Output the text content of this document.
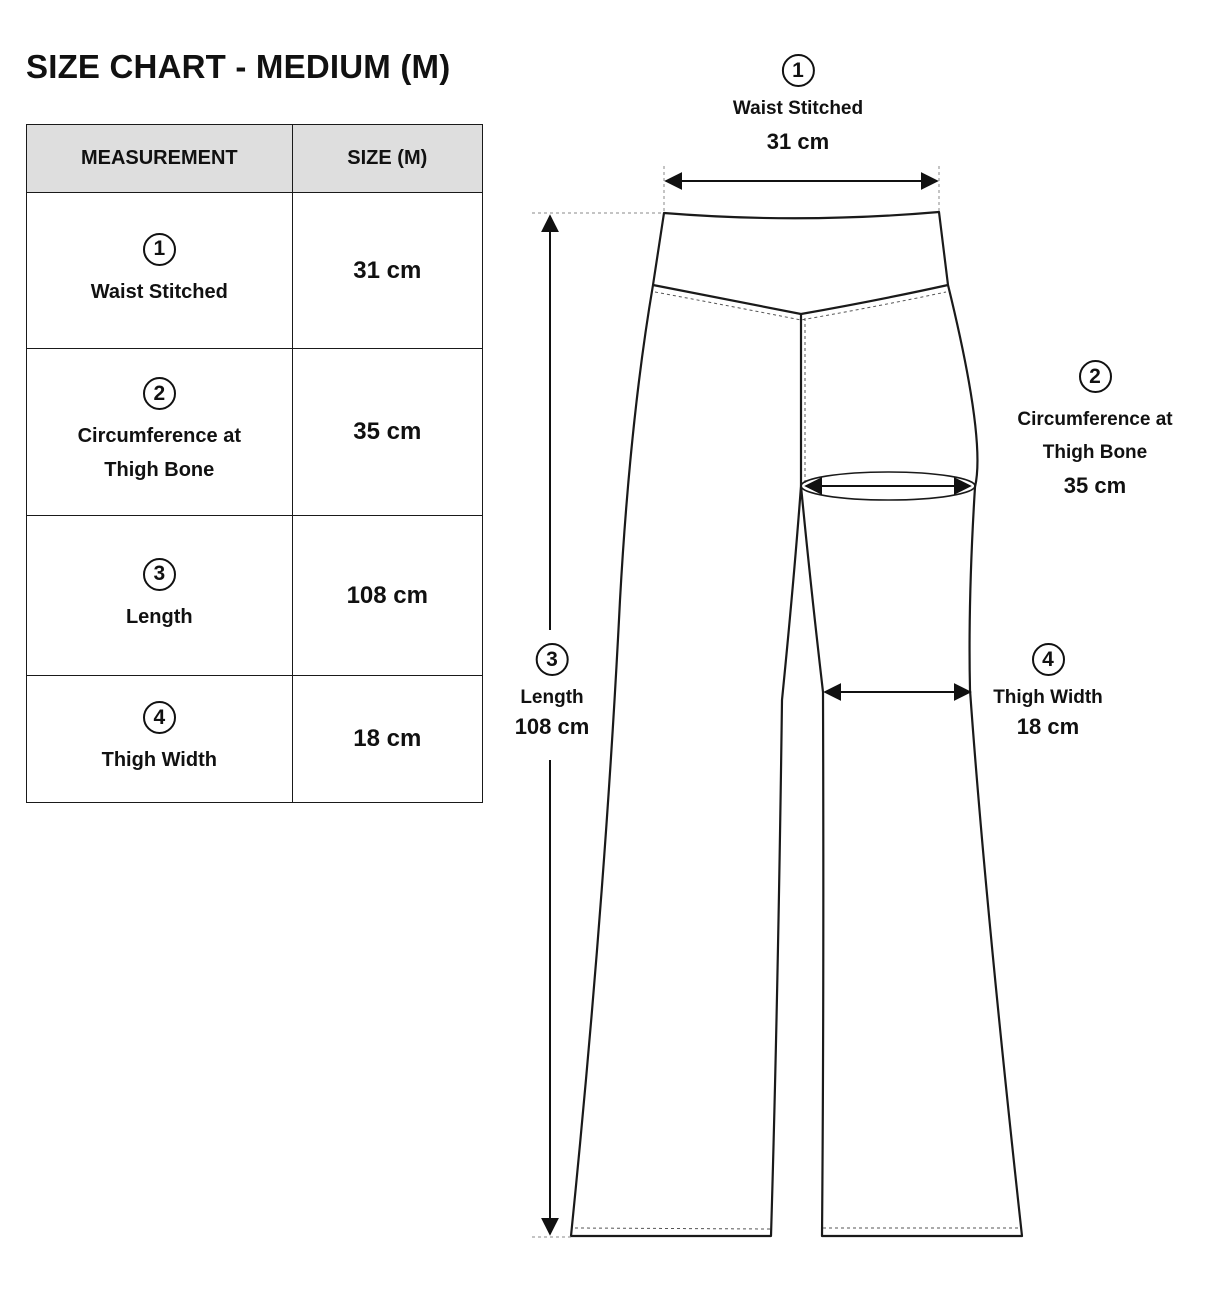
SIZE CHART - MEDIUM (M)
MEASUREMENT	SIZE (M)

1
Waist Stitched	31 cm

2
Circumference at Thigh Bone	35 cm

3
Length	108 cm

4
Thigh Width	18 cm
1
Waist Stitched
31 cm
2
Circumference at
Thigh Bone
35 cm
3
Length
108 cm
4
Thigh Width
18 cm
